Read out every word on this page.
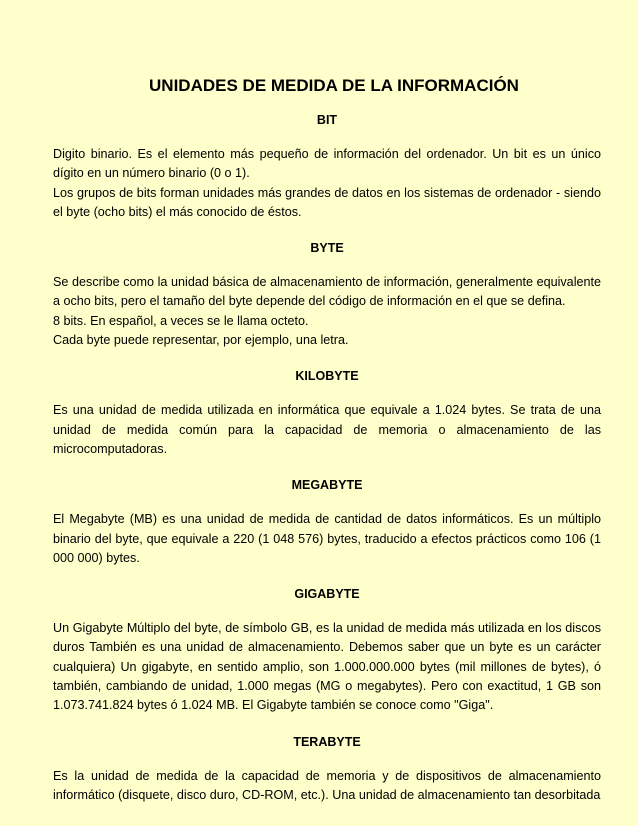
UNIDADES DE MEDIDA DE LA INFORMACIÓN
BIT

Digito binario. Es el elemento más pequeño de información del ordenador. Un bit es un único dígito en un número binario (0 o 1).

Los grupos de bits forman unidades más grandes de datos en los sistemas de ordenador - siendo el byte (ocho bits) el más conocido de éstos.

BYTE

Se describe como la unidad básica de almacenamiento de información, generalmente equivalente a ocho bits, pero el tamaño del byte depende del código de información en el que se defina.

8 bits. En español, a veces se le llama octeto.

Cada byte puede representar, por ejemplo, una letra.

KILOBYTE

Es una unidad de medida utilizada en informática que equivale a 1.024 bytes. Se trata de una unidad de medida común para la capacidad de memoria o almacenamiento de las microcomputadoras.

MEGABYTE

El Megabyte (MB) es una unidad de medida de cantidad de datos informáticos. Es un múltiplo binario del byte, que equivale a 220 (1 048 576) bytes, traducido a efectos prácticos como 106 (1 000 000) bytes.

GIGABYTE

Un Gigabyte Múltiplo del byte, de símbolo GB, es la unidad de medida más utilizada en los discos duros También es una unidad de almacenamiento. Debemos saber que un byte es un carácter cualquiera) Un gigabyte, en sentido amplio, son 1.000.000.000 bytes (mil millones de bytes), ó también, cambiando de unidad, 1.000 megas (MG o megabytes). Pero con exactitud, 1 GB son 1.073.741.824 bytes ó 1.024 MB. El Gigabyte también se conoce como "Giga".

TERABYTE

Es la unidad de medida de la capacidad de memoria y de dispositivos de almacenamiento informático (disquete, disco duro, CD-ROM, etc.). Una unidad de almacenamiento tan desorbitada
